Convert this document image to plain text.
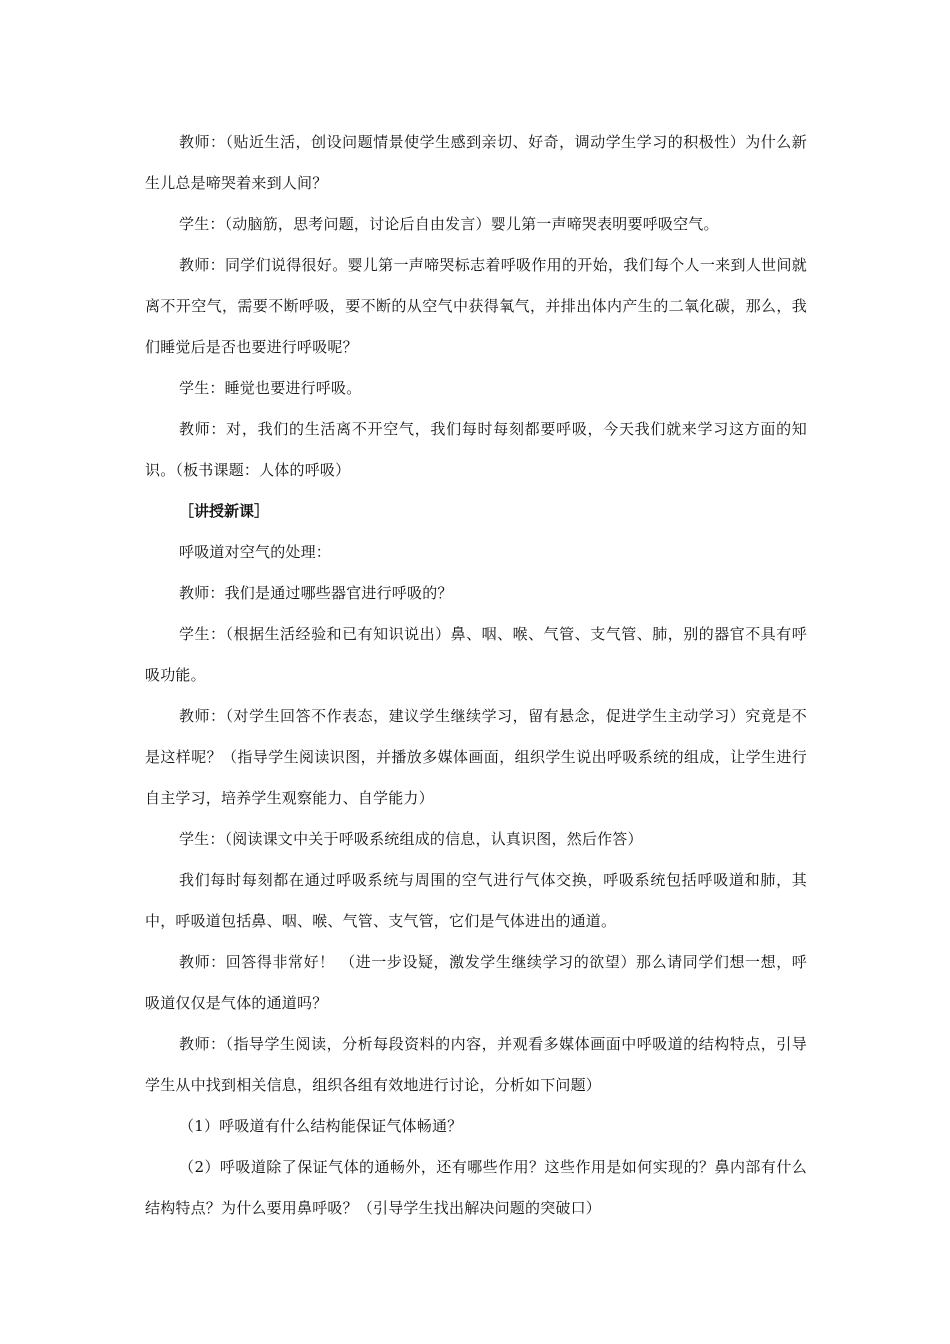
教师：（贴近生活，创设问题情景使学生感到亲切、好奇，调动学生学习的积极性）为什么新生儿总是啼哭着来到人间？

学生：（动脑筋，思考问题，讨论后自由发言）婴儿第一声啼哭表明要呼吸空气。

教师：同学们说得很好。婴儿第一声啼哭标志着呼吸作用的开始，我们每个人一来到人世间就离不开空气，需要不断呼吸，要不断的从空气中获得氧气，并排出体内产生的二氧化碳，那么，我们睡觉后是否也要进行呼吸呢？

学生：睡觉也要进行呼吸。

教师：对，我们的生活离不开空气，我们每时每刻都要呼吸，今天我们就来学习这方面的知识。（板书课题：人体的呼吸）

［讲授新课］

呼吸道对空气的处理：

教师：我们是通过哪些器官进行呼吸的？

学生：（根据生活经验和已有知识说出）鼻、咽、喉、气管、支气管、肺，别的器官不具有呼吸功能。

教师：（对学生回答不作表态，建议学生继续学习，留有悬念，促进学生主动学习）究竟是不是这样呢？（指导学生阅读识图，并播放多媒体画面，组织学生说出呼吸系统的组成，让学生进行自主学习，培养学生观察能力、自学能力）

学生：（阅读课文中关于呼吸系统组成的信息，认真识图，然后作答）

我们每时每刻都在通过呼吸系统与周围的空气进行气体交换，呼吸系统包括呼吸道和肺，其中，呼吸道包括鼻、咽、喉、气管、支气管，它们是气体进出的通道。

教师：回答得非常好！ （进一步设疑，激发学生继续学习的欲望）那么请同学们想一想，呼吸道仅仅是气体的通道吗？

教师：（指导学生阅读，分析每段资料的内容，并观看多媒体画面中呼吸道的结构特点，引导学生从中找到相关信息，组织各组有效地进行讨论，分析如下问题）

（1）呼吸道有什么结构能保证气体畅通？

（2）呼吸道除了保证气体的通畅外，还有哪些作用？这些作用是如何实现的？鼻内部有什么结构特点？为什么要用鼻呼吸？（引导学生找出解决问题的突破口）
